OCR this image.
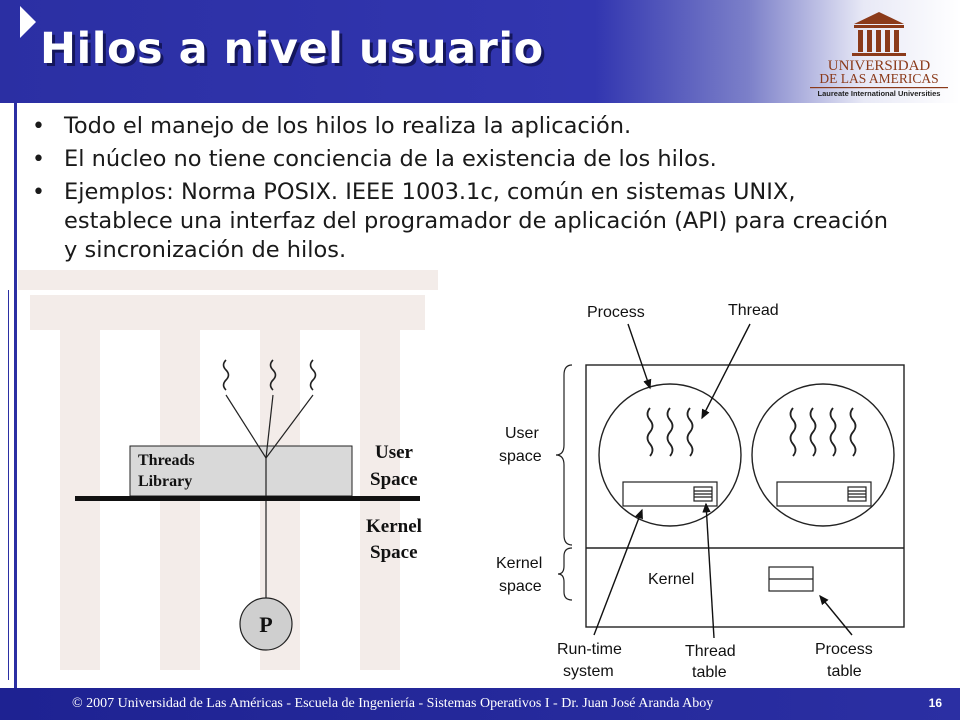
Hilos a nivel usuario	UNIVERSIDAD
DE LAS AMERICAS
Laureate International Universities
• Todo el manejo de los hilos lo realiza la aplicación.
• El núcleo no tiene conciencia de la existencia de los hilos.
• Ejemplos: Norma POSIX. IEEE 1003.1c, común en sistemas UNIX, establece una interfaz del programador de aplicación (API) para creación y sincronización de hilos.
Threads
Library
User
Space
Kernel
Space
P
Process	Thread
User
space
Kernel
space	Kernel
Run-time
system
Thread
table
Process
table
© 2007 Universidad de Las Américas - Escuela de Ingeniería - Sistemas Operativos I - Dr. Juan José Aranda Aboy	16
